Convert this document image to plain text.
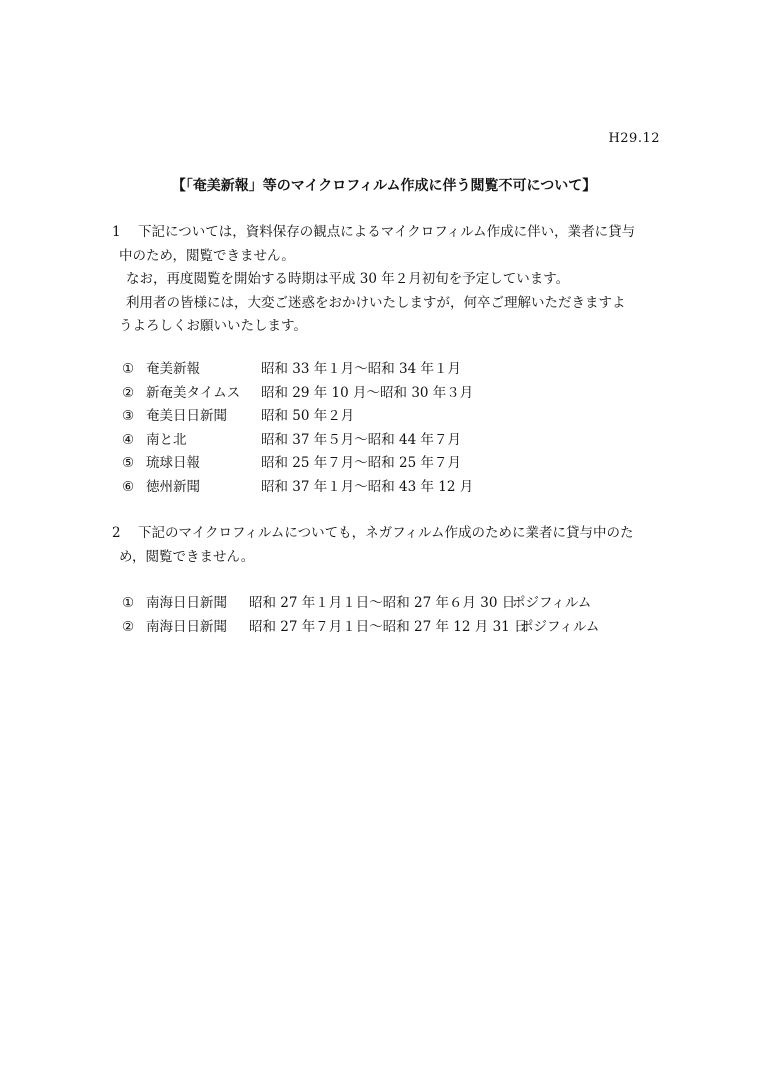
H29.12
【「奄美新報」等のマイクロフィルム作成に伴う閲覧不可について】
1 下記については，資料保存の観点によるマイクロフィルム作成に伴い，業者に貸与
中のため，閲覧できません。
なお，再度閲覧を開始する時期は平成 30 年２月初旬を予定しています。
利用者の皆様には，大変ご迷惑をおかけいたしますが，何卒ご理解いただきますよ
うよろしくお願いいたします。
① 奄美新報	昭和 33 年１月～昭和 34 年１月
② 新奄美タイムス 昭和 29 年 10 月～昭和 30 年３月
③ 奄美日日新聞	昭和 50 年２月
④ 南と北	昭和 37 年５月～昭和 44 年７月
⑤ 琉球日報	昭和 25 年７月～昭和 25 年７月
⑥ 徳州新聞	昭和 37 年１月～昭和 43 年 12 月
2 下記のマイクロフィルムについても，ネガフィルム作成のために業者に貸与中のた
め，閲覧できません。
① 南海日日新聞 昭和 27 年１月１日～昭和 27 年６月 30 日ポジフィルム
② 南海日日新聞 昭和 27 年７月１日～昭和 27 年 12 月 31 日ポジフィルム
